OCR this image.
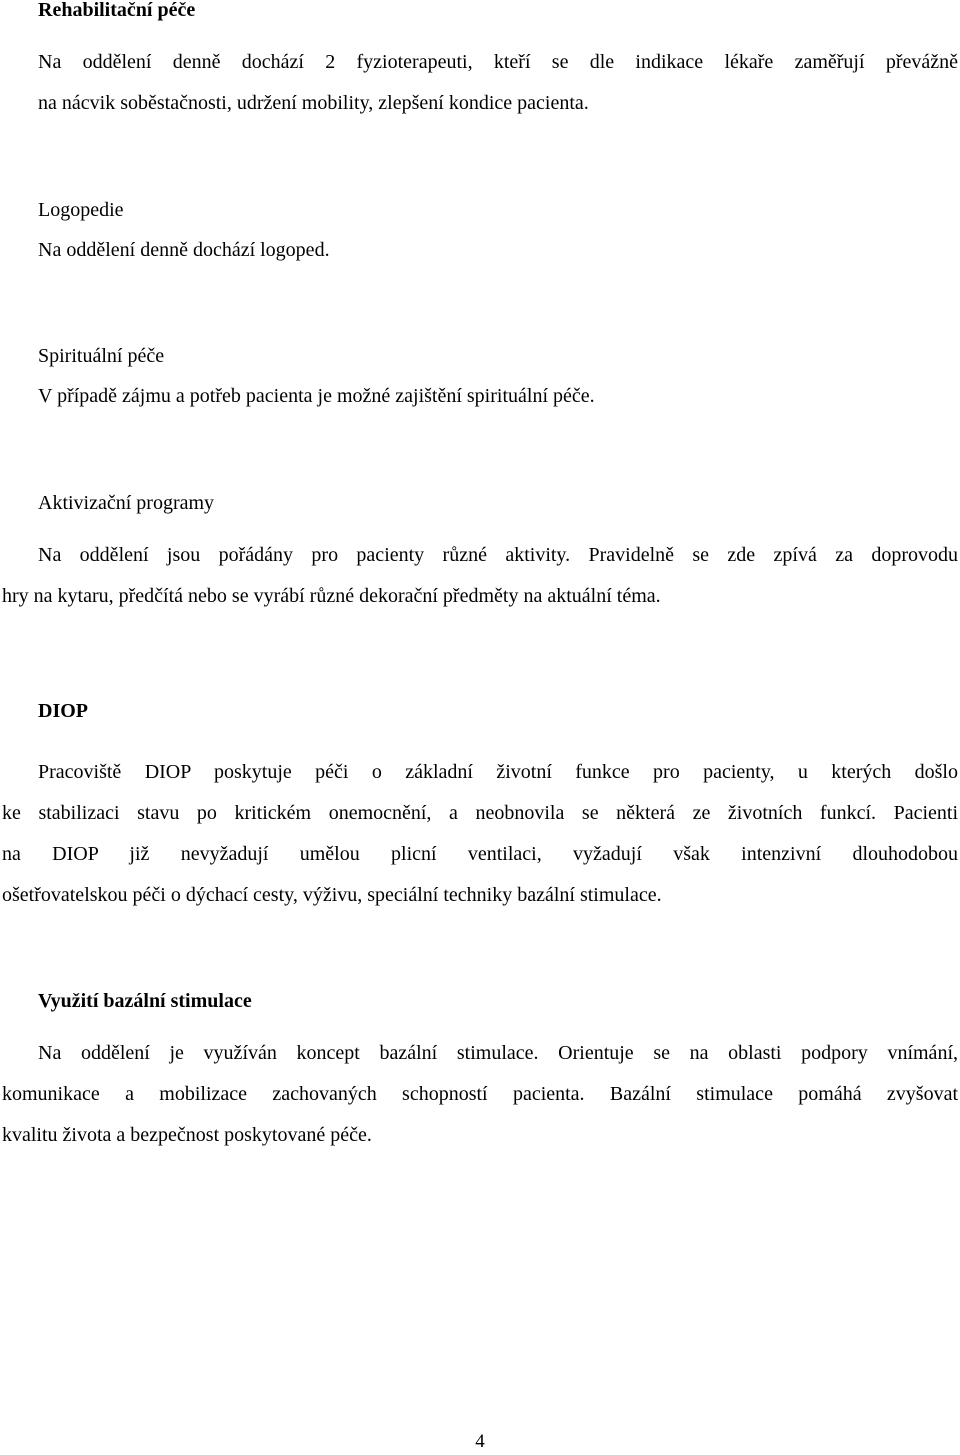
Rehabilitační péče
Na oddělení denně dochází 2 fyzioterapeuti, kteří se dle indikace lékaře zaměřují převážně
na nácvik soběstačnosti, udržení mobility, zlepšení kondice pacienta.
Logopedie
Na oddělení denně dochází logoped.
Spirituální péče
V případě zájmu a potřeb pacienta je možné zajištění spirituální péče.
Aktivizační programy
Na oddělení jsou pořádány pro pacienty různé aktivity. Pravidelně se zde zpívá za doprovodu
hry na kytaru, předčítá nebo se vyrábí různé dekorační předměty na aktuální téma.
DIOP
Pracoviště DIOP poskytuje péči o základní životní funkce pro pacienty, u kterých došlo
ke stabilizaci stavu po kritickém onemocnění, a neobnovila se některá ze životních funkcí. Pacienti
na DIOP již nevyžadují umělou plicní ventilaci, vyžadují však intenzivní dlouhodobou
ošetřovatelskou péči o dýchací cesty, výživu, speciální techniky bazální stimulace.
Využití bazální stimulace
Na oddělení je využíván koncept bazální stimulace. Orientuje se na oblasti podpory vnímání,
komunikace a mobilizace zachovaných schopností pacienta. Bazální stimulace pomáhá zvyšovat
kvalitu života a bezpečnost poskytované péče.
4
